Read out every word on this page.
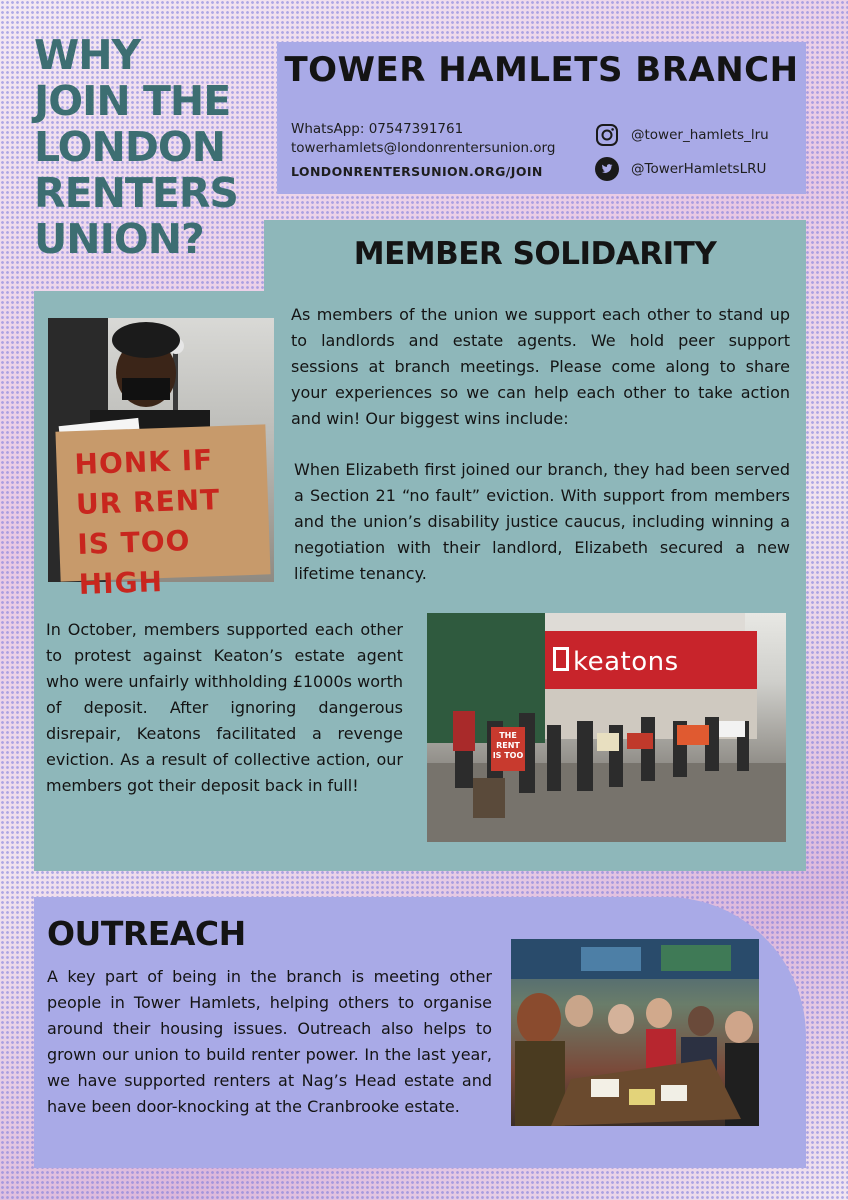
WHY
JOIN THE
LONDON
RENTERS
UNION?
TOWER HAMLETS BRANCH
WhatsApp: 07547391761
towerhamlets@londonrentersunion.org
LONDONRENTERSUNION.ORG/JOIN
@tower_hamlets_lru
@TowerHamletsLRU
MEMBER SOLIDARITY

As members of the union we support each other to stand up to landlords and estate agents. We hold peer support sessions at branch meetings. Please come along to share your experiences so we can help each other to take action and win! Our biggest wins include:

When Elizabeth first joined our branch, they had been served a Section 21 “no fault” eviction. With support from members and the union’s disability justice caucus, including winning a negotiation with their landlord, Elizabeth secured a new lifetime tenancy.

In October, members supported each other to protest against Keaton’s estate agent who were unfairly withholding £1000s worth of deposit. After ignoring dangerous disrepair, Keatons facilitated a revenge eviction. As a result of collective action, our members got their deposit back in full!

HONK IF
UR RENT
IS TOO HIGH
keatons
THE
RENT
IS TOO
OUTREACH

A key part of being in the branch is meeting other people in Tower Hamlets, helping others to organise around their housing issues. Outreach also helps to grown our union to build renter power. In the last year, we have supported renters at Nag’s Head estate and have been door-knocking at the Cranbrooke estate.
